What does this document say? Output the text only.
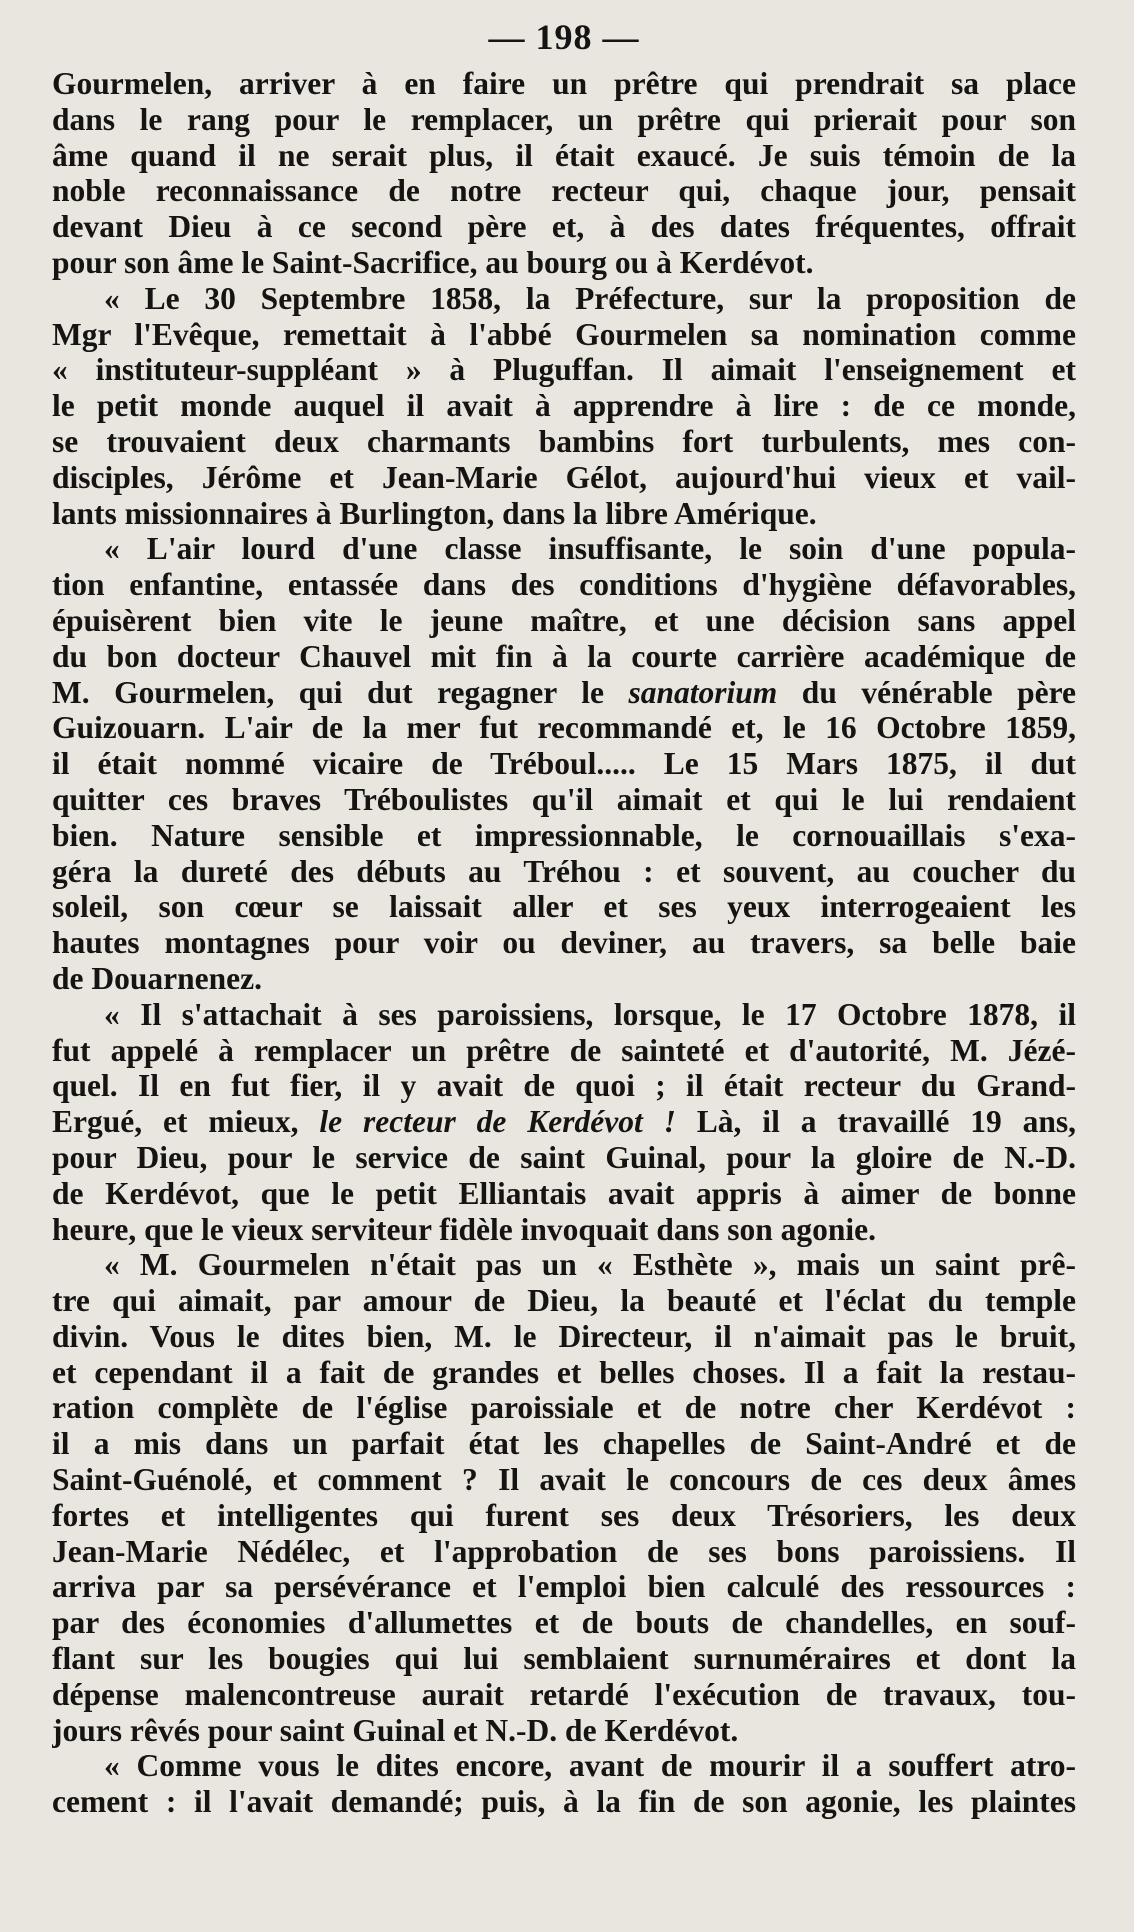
— 198 —
Gourmelen, arriver à en faire un prêtre qui prendrait sa place
dans le rang pour le remplacer, un prêtre qui prierait pour son
âme quand il ne serait plus, il était exaucé. Je suis témoin de la
noble reconnaissance de notre recteur qui, chaque jour, pensait
devant Dieu à ce second père et, à des dates fréquentes, offrait
pour son âme le Saint-Sacrifice, au bourg ou à Kerdévot.
« Le 30 Septembre 1858, la Préfecture, sur la proposition de
Mgr l'Evêque, remettait à l'abbé Gourmelen sa nomination comme
« instituteur-suppléant » à Pluguffan. Il aimait l'enseignement et
le petit monde auquel il avait à apprendre à lire : de ce monde,
se trouvaient deux charmants bambins fort turbulents, mes con-
disciples, Jérôme et Jean-Marie Gélot, aujourd'hui vieux et vail-
lants missionnaires à Burlington, dans la libre Amérique.
« L'air lourd d'une classe insuffisante, le soin d'une popula-
tion enfantine, entassée dans des conditions d'hygiène défavorables,
épuisèrent bien vite le jeune maître, et une décision sans appel
du bon docteur Chauvel mit fin à la courte carrière académique de
M. Gourmelen, qui dut regagner le sanatorium du vénérable père
Guizouarn. L'air de la mer fut recommandé et, le 16 Octobre 1859,
il était nommé vicaire de Tréboul..... Le 15 Mars 1875, il dut
quitter ces braves Tréboulistes qu'il aimait et qui le lui rendaient
bien. Nature sensible et impressionnable, le cornouaillais s'exa-
géra la dureté des débuts au Tréhou : et souvent, au coucher du
soleil, son cœur se laissait aller et ses yeux interrogeaient les
hautes montagnes pour voir ou deviner, au travers, sa belle baie
de Douarnenez.
« Il s'attachait à ses paroissiens, lorsque, le 17 Octobre 1878, il
fut appelé à remplacer un prêtre de sainteté et d'autorité, M. Jézé-
quel. Il en fut fier, il y avait de quoi ; il était recteur du Grand-
Ergué, et mieux, le recteur de Kerdévot ! Là, il a travaillé 19 ans,
pour Dieu, pour le service de saint Guinal, pour la gloire de N.-D.
de Kerdévot, que le petit Elliantais avait appris à aimer de bonne
heure, que le vieux serviteur fidèle invoquait dans son agonie.
« M. Gourmelen n'était pas un « Esthète », mais un saint prê-
tre qui aimait, par amour de Dieu, la beauté et l'éclat du temple
divin. Vous le dites bien, M. le Directeur, il n'aimait pas le bruit,
et cependant il a fait de grandes et belles choses. Il a fait la restau-
ration complète de l'église paroissiale et de notre cher Kerdévot :
il a mis dans un parfait état les chapelles de Saint-André et de
Saint-Guénolé, et comment ? Il avait le concours de ces deux âmes
fortes et intelligentes qui furent ses deux Trésoriers, les deux
Jean-Marie Nédélec, et l'approbation de ses bons paroissiens. Il
arriva par sa persévérance et l'emploi bien calculé des ressources :
par des économies d'allumettes et de bouts de chandelles, en souf-
flant sur les bougies qui lui semblaient surnuméraires et dont la
dépense malencontreuse aurait retardé l'exécution de travaux, tou-
jours rêvés pour saint Guinal et N.-D. de Kerdévot.
« Comme vous le dites encore, avant de mourir il a souffert atro-
cement : il l'avait demandé; puis, à la fin de son agonie, les plaintes
